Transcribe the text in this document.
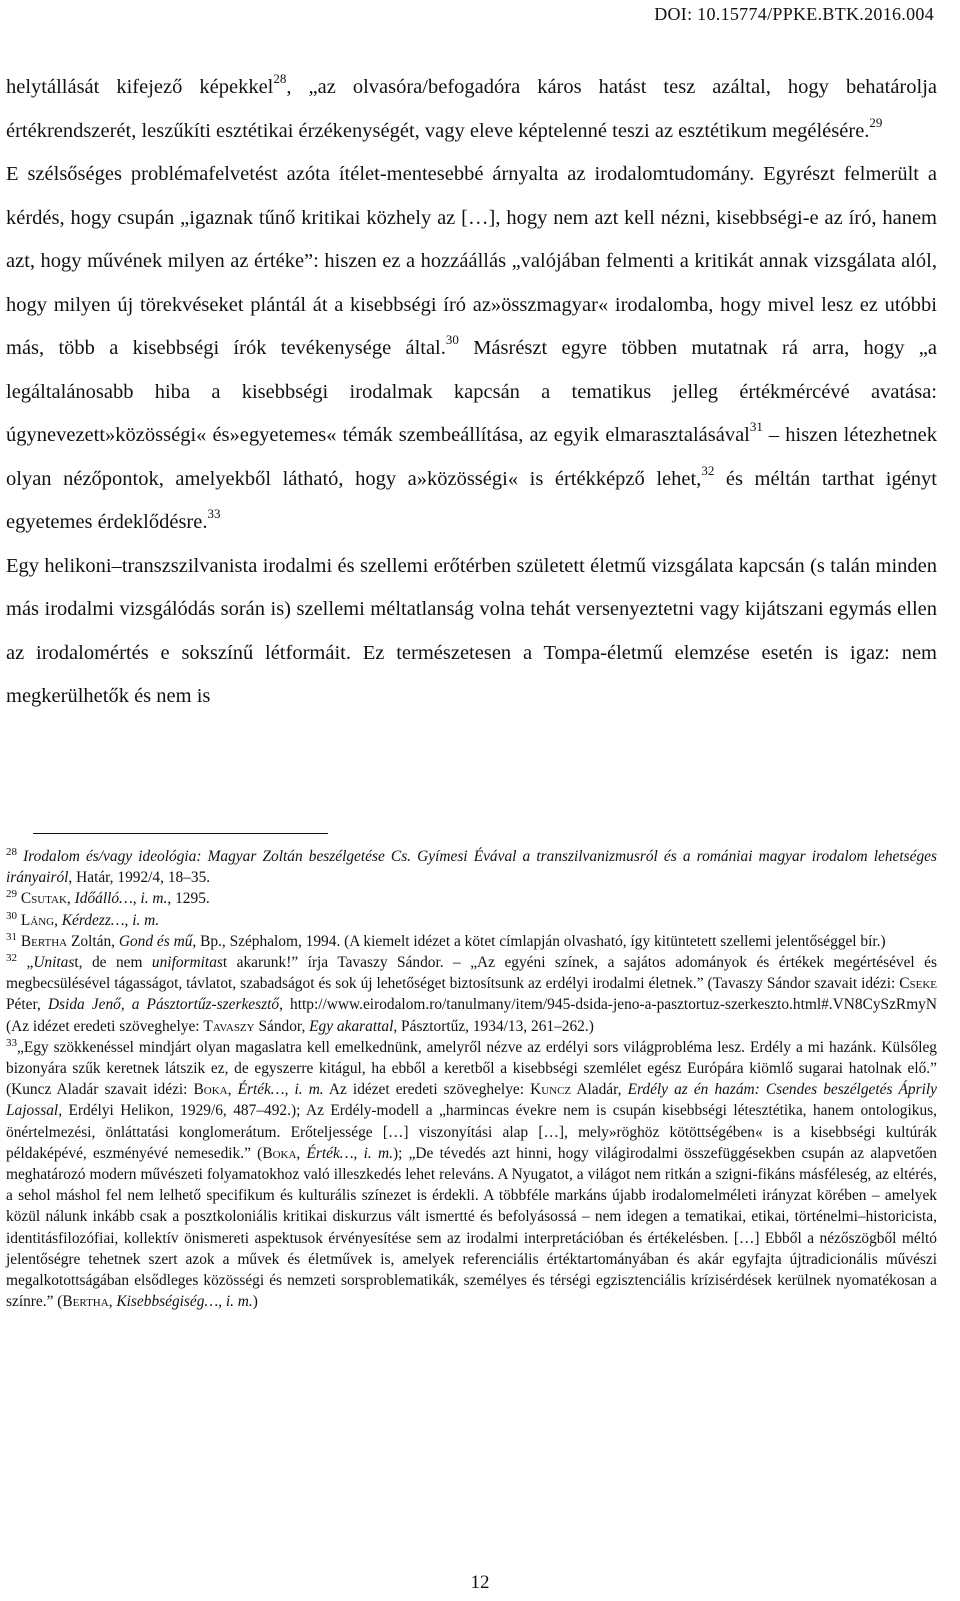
DOI: 10.15774/PPKE.BTK.2016.004

helytállását kifejező képekkel$^{28}$, „az olvasóra/befogadóra káros hatást tesz azáltal, hogy behatárolja értékrendszerét, leszűkíti esztétikai érzékenységét, vagy eleve képtelenné teszi az esztétikum megélésére.$^{29}$

E szélsőséges problémafelvetést azóta ítélet-mentesebbé árnyalta az irodalomtudomány. Egyrészt felmerült a kérdés, hogy csupán „igaznak tűnő kritikai közhely az […], hogy nem azt kell nézni, kisebbségi-e az író, hanem azt, hogy művének milyen az értéke”: hiszen ez a hozzáállás „valójában felmenti a kritikát annak vizsgálata alól, hogy milyen új törekvéseket plántál át a kisebbségi író az»összmagyar« irodalomba, hogy mivel lesz ez utóbbi más, több a kisebbségi írók tevékenysége által.$^{30}$ Másrészt egyre többen mutatnak rá arra, hogy „a legáltalánosabb hiba a kisebbségi irodalmak kapcsán a tematikus jelleg értékmércévé avatása: úgynevezett»közösségi« és»egyetemes« témák szembeállítása, az egyik elmarasztalásával$^{31}$ – hiszen létezhetnek olyan nézőpontok, amelyekből látható, hogy a»közösségi« is értékképző lehet,$^{32}$ és méltán tarthat igényt egyetemes érdeklődésre.$^{33}$

Egy helikoni–transzszilvanista irodalmi és szellemi erőtérben született életmű vizsgálata kapcsán (s talán minden más irodalmi vizsgálódás során is) szellemi méltatlanság volna tehát versenyeztetni vagy kijátszani egymás ellen az irodalomértés e sokszínű létformáit. Ez természetesen a Tompa-életmű elemzése esetén is igaz: nem megkerülhetők és nem is

$^{28}$ Irodalom és/vagy ideológia: Magyar Zoltán beszélgetése Cs. Gyímesi Évával a transzilvanizmusról és a romániai magyar irodalom lehetséges irányairól, Határ, 1992/4, 18–35.

$^{29}$ Csutak, Időálló…, i. m., 1295.

$^{30}$ Láng, Kérdezz…, i. m.

$^{31}$ Bertha Zoltán, Gond és mű, Bp., Széphalom, 1994. (A kiemelt idézet a kötet címlapján olvasható, így kitüntetett szellemi jelentőséggel bír.)

$^{32}$ „Unitast, de nem uniformitast akarunk!” írja Tavaszy Sándor. – „Az egyéni színek, a sajátos adományok és értékek megértésével és megbecsülésével tágasságot, távlatot, szabadságot és sok új lehetőséget biztosítsunk az erdélyi irodalmi életnek.” (Tavaszy Sándor szavait idézi: Cseke Péter, Dsida Jenő, a Pásztortűz-szerkesztő, http://www.eirodalom.ro/tanulmany/item/945-dsida-jeno-a-pasztortuz-szerkeszto.html#.VN8CySzRmyN (Az idézet eredeti szöveghelye: Tavaszy Sándor, Egy akarattal, Pásztortűz, 1934/13, 261–262.)

$^{33}$„Egy szökkenéssel mindjárt olyan magaslatra kell emelkednünk, amelyről nézve az erdélyi sors világprobléma lesz. Erdély a mi hazánk. Külsőleg bizonyára szűk keretnek látszik ez, de egyszerre kitágul, ha ebből a keretből a kisebbségi szemlélet egész Európára kiömlő sugarai hatolnak elő.” (Kuncz Aladár szavait idézi: Boka, Érték…, i. m. Az idézet eredeti szöveghelye: Kuncz Aladár, Erdély az én hazám: Csendes beszélgetés Áprily Lajossal, Erdélyi Helikon, 1929/6, 487–492.); Az Erdély-modell a „harmincas évekre nem is csupán kisebbségi létesztétika, hanem ontologikus, önértelmezési, önláttatási konglomerátum. Erőteljessége […] viszonyítási alap […], mely»röghöz kötöttségében« is a kisebbségi kultúrák példaképévé, eszményévé nemesedik.” (Boka, Érték…, i. m.); „De tévedés azt hinni, hogy világirodalmi összefüggésekben csupán az alapvetően meghatározó modern művészeti folyamatokhoz való illeszkedés lehet releváns. A Nyugatot, a világot nem ritkán a szigni-fikáns másféleség, az eltérés, a sehol máshol fel nem lelhető specifikum és kulturális színezet is érdekli. A többféle markáns újabb irodalomelméleti irányzat körében – amelyek közül nálunk inkább csak a posztkoloniális kritikai diskurzus vált ismertté és befolyásossá – nem idegen a tematikai, etikai, történelmi–historicista, identitásfilozófiai, kollektív önismereti aspektusok érvényesítése sem az irodalmi interpretációban és értékelésben. […] Ebből a nézőszögből méltó jelentőségre tehetnek szert azok a művek és életművek is, amelyek referenciális értéktartományában és akár egyfajta újtradicionális művészi megalkotottságában elsődleges közösségi és nemzeti sorsproblematikák, személyes és térségi egzisztenciális krízisérdések kerülnek nyomatékosan a színre.” (Bertha, Kisebbségiség…, i. m.)

12
